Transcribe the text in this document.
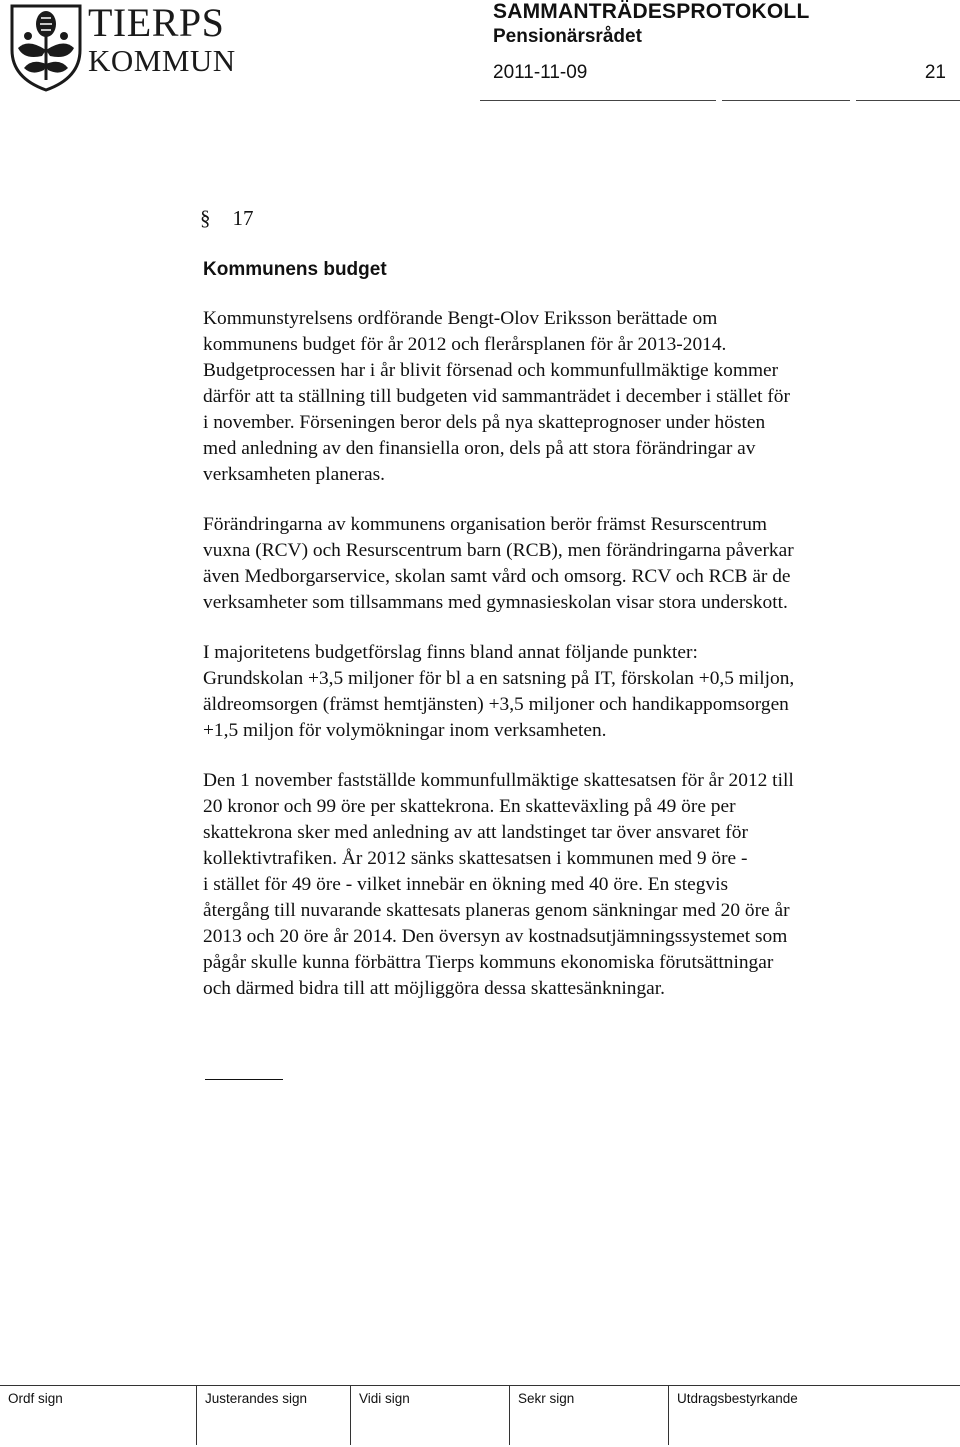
TIERPS
KOMMUN
SAMMANTRÄDESPROTOKOLL
Pensionärsrådet
2011-11-09	21
§ 17
Kommunens budget
Kommunstyrelsens ordförande Bengt-Olov Eriksson berättade om
kommunens budget för år 2012 och flerårsplanen för år 2013-2014.
Budgetprocessen har i år blivit försenad och kommunfullmäktige kommer
därför att ta ställning till budgeten vid sammanträdet i december i stället för
i november. Förseningen beror dels på nya skatteprognoser under hösten
med anledning av den finansiella oron, dels på att stora förändringar av
verksamheten planeras.
Förändringarna av kommunens organisation berör främst Resurscentrum
vuxna (RCV) och Resurscentrum barn (RCB), men förändringarna påverkar
även Medborgarservice, skolan samt vård och omsorg. RCV och RCB är de
verksamheter som tillsammans med gymnasieskolan visar stora underskott.
I majoritetens budgetförslag finns bland annat följande punkter:
Grundskolan +3,5 miljoner för bl a en satsning på IT, förskolan +0,5 miljon,
äldreomsorgen (främst hemtjänsten) +3,5 miljoner och handikappomsorgen
+1,5 miljon för volymökningar inom verksamheten.
Den 1 november fastställde kommunfullmäktige skattesatsen för år 2012 till
20 kronor och 99 öre per skattekrona. En skatteväxling på 49 öre per
skattekrona sker med anledning av att landstinget tar över ansvaret för
kollektivtrafiken. År 2012 sänks skattesatsen i kommunen med 9 öre -
i stället för 49 öre - vilket innebär en ökning med 40 öre. En stegvis
återgång till nuvarande skattesats planeras genom sänkningar med 20 öre år
2013 och 20 öre år 2014. Den översyn av kostnadsutjämningssystemet som
pågår skulle kunna förbättra Tierps kommuns ekonomiska förutsättningar
och därmed bidra till att möjliggöra dessa skattesänkningar.
Ordf sign	Justerandes sign	Vidi sign	Sekr sign	Utdragsbestyrkande
